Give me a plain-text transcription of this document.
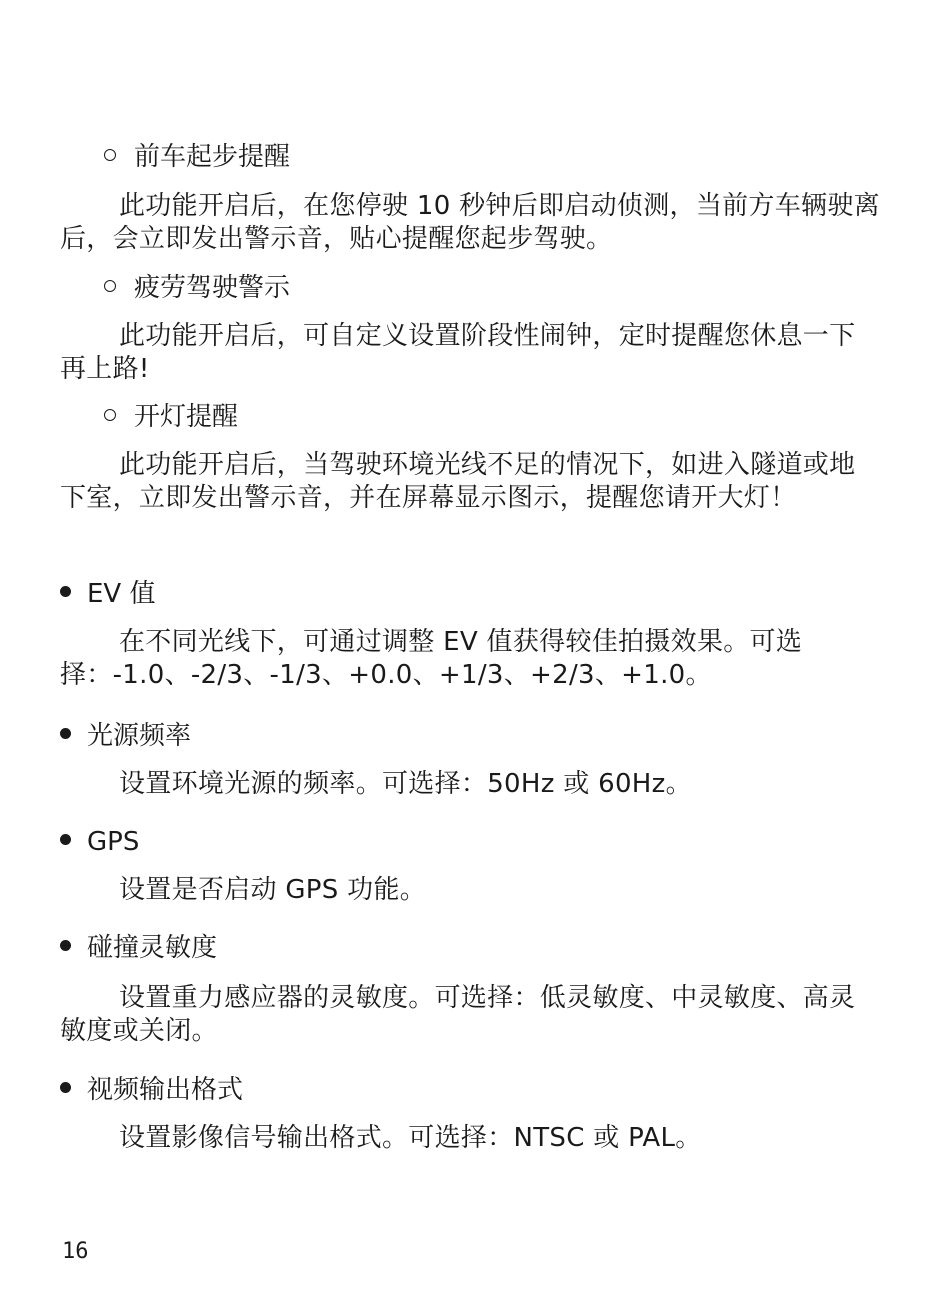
前车起步提醒
此功能开启后，在您停驶 10 秒钟后即启动侦测，当前方车辆驶离后，会立即发出警示音，贴心提醒您起步驾驶。
疲劳驾驶警示
此功能开启后，可自定义设置阶段性闹钟，定时提醒您休息一下再上路!
开灯提醒
此功能开启后，当驾驶环境光线不足的情况下，如进入隧道或地下室，立即发出警示音，并在屏幕显示图示，提醒您请开大灯！
EV 值
在不同光线下，可通过调整 EV 值获得较佳拍摄效果。可选择：-1.0、-2/3、-1/3、+0.0、+1/3、+2/3、+1.0。
光源频率
设置环境光源的频率。可选择：50Hz 或 60Hz。
GPS
设置是否启动 GPS 功能。
碰撞灵敏度
设置重力感应器的灵敏度。可选择：低灵敏度、中灵敏度、高灵敏度或关闭。
视频输出格式
设置影像信号输出格式。可选择：NTSC 或 PAL。
16
